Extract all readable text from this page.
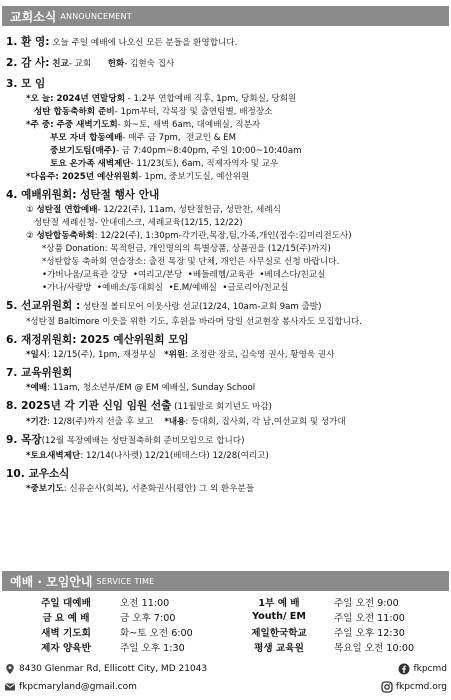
교회소식 ANNOUNCEMENT
1. 환 영: 오늘 주일 예배에 나오신 모든 분들을 환영합니다.
2. 감 사: 친교- 교회      헌화- 김현숙 집사
3. 모 임
*오 늘: 2024년 연말당회 - 1.2부 연합예배 직후, 1pm, 당회실, 당회원
성탄 합동축하회 준비- 1pm부터, 각목장 및 출연팀별, 배정장소
*주 중: 주중 새벽기도회- 화~토, 새벽 6am, 대예배실, 직분자
부모 자녀 합동예배- 매주 금 7pm,  전교인 & EM
중보기도팀(매주)- 금 7:40pm~8:40pm, 주일 10:00~10:40am
토요 온가족 새벽제단- 11/23(토), 6am, 직제자역자 및 교우
*다음주: 2025년 예산위원회- 1pm, 중보기도실, 예산위원
4. 예배위원회: 성탄절 행사 안내
① 성탄절 연합예배- 12/22(주), 11am, 성탄절헌금, 성만찬, 세례식
성탄절 세례신청- 안내데스크, 세례교육(12/15, 12/22)
② 성탄합동축하회: 12/22(주), 1:30pm-각기관,목장,팀,가족,개인(접수:김미리전도사)
*상품 Donation: 목적헌금, 개인명의의 특별상품, 상품권을 (12/15(주)까지)
*성탄합동 축하회 연습장소: 출전 목장 및 단체, 개인은 사무실로 신청 바랍니다.
•가버나움/교육관 강당  •여리고/본당  •베들레헴/교육관  •베데스다/친교실
•가나/사랑방  •예배소/동대회실  •E.M/예배실  •글로리아/친교실
5. 선교위원회 : 성탄절 볼티모어 이웃사랑 선교(12/24, 10am-교회 9am 출발)
*성탄절 Baltimore 이웃을 위한 기도, 후원을 바라며 당일 선교현장 봉사자도 모집합니다.
6. 재정위원회: 2025 예산위원회 모임
*일시: 12/15(주), 1pm, 재정부실   *위원: 조정란 장로, 김숙영 권사, 황영욱 권사
7. 교육위원회
*예배: 11am, 청소년부/EM @ EM 예배실, Sunday School
8. 2025년 각 기관 신임 임원 선출 (11월말로 회기년도 마감)
*기간: 12/8(주)까지 선출 후 보고    *내용: 등대회, 집사회, 각 남,여선교회 및 성가대
9. 목장(12월 목장예배는 성탄절축하회 준비모임으로 합니다)
*토요새벽제단: 12/14(나사렛) 12/21(베데스다) 12/28(여리고)
10. 교우소식
*중보기도: 신유순사(회복), 서춘화권사(평안) 그 외 환우분들
예배 · 모임안내 SERVICE TIME
주일 대예배	오전 11:00	1부 예 배	주일 오전 9:00
금 요 예 배	금 오후 7:00	Youth/ EM	주일 오전 11:00
새벽 기도회	화~토 오전 6:00	제일한국학교	주일 오후 12:30
제자 양육반	주일 오후 1:30	평생 교육원	목요일 오전 10:00
8430 Glenmar Rd, Ellicott City, MD 21043	fkpcmd
fkpcmaryland@gmail.com	fkpcmd.org
